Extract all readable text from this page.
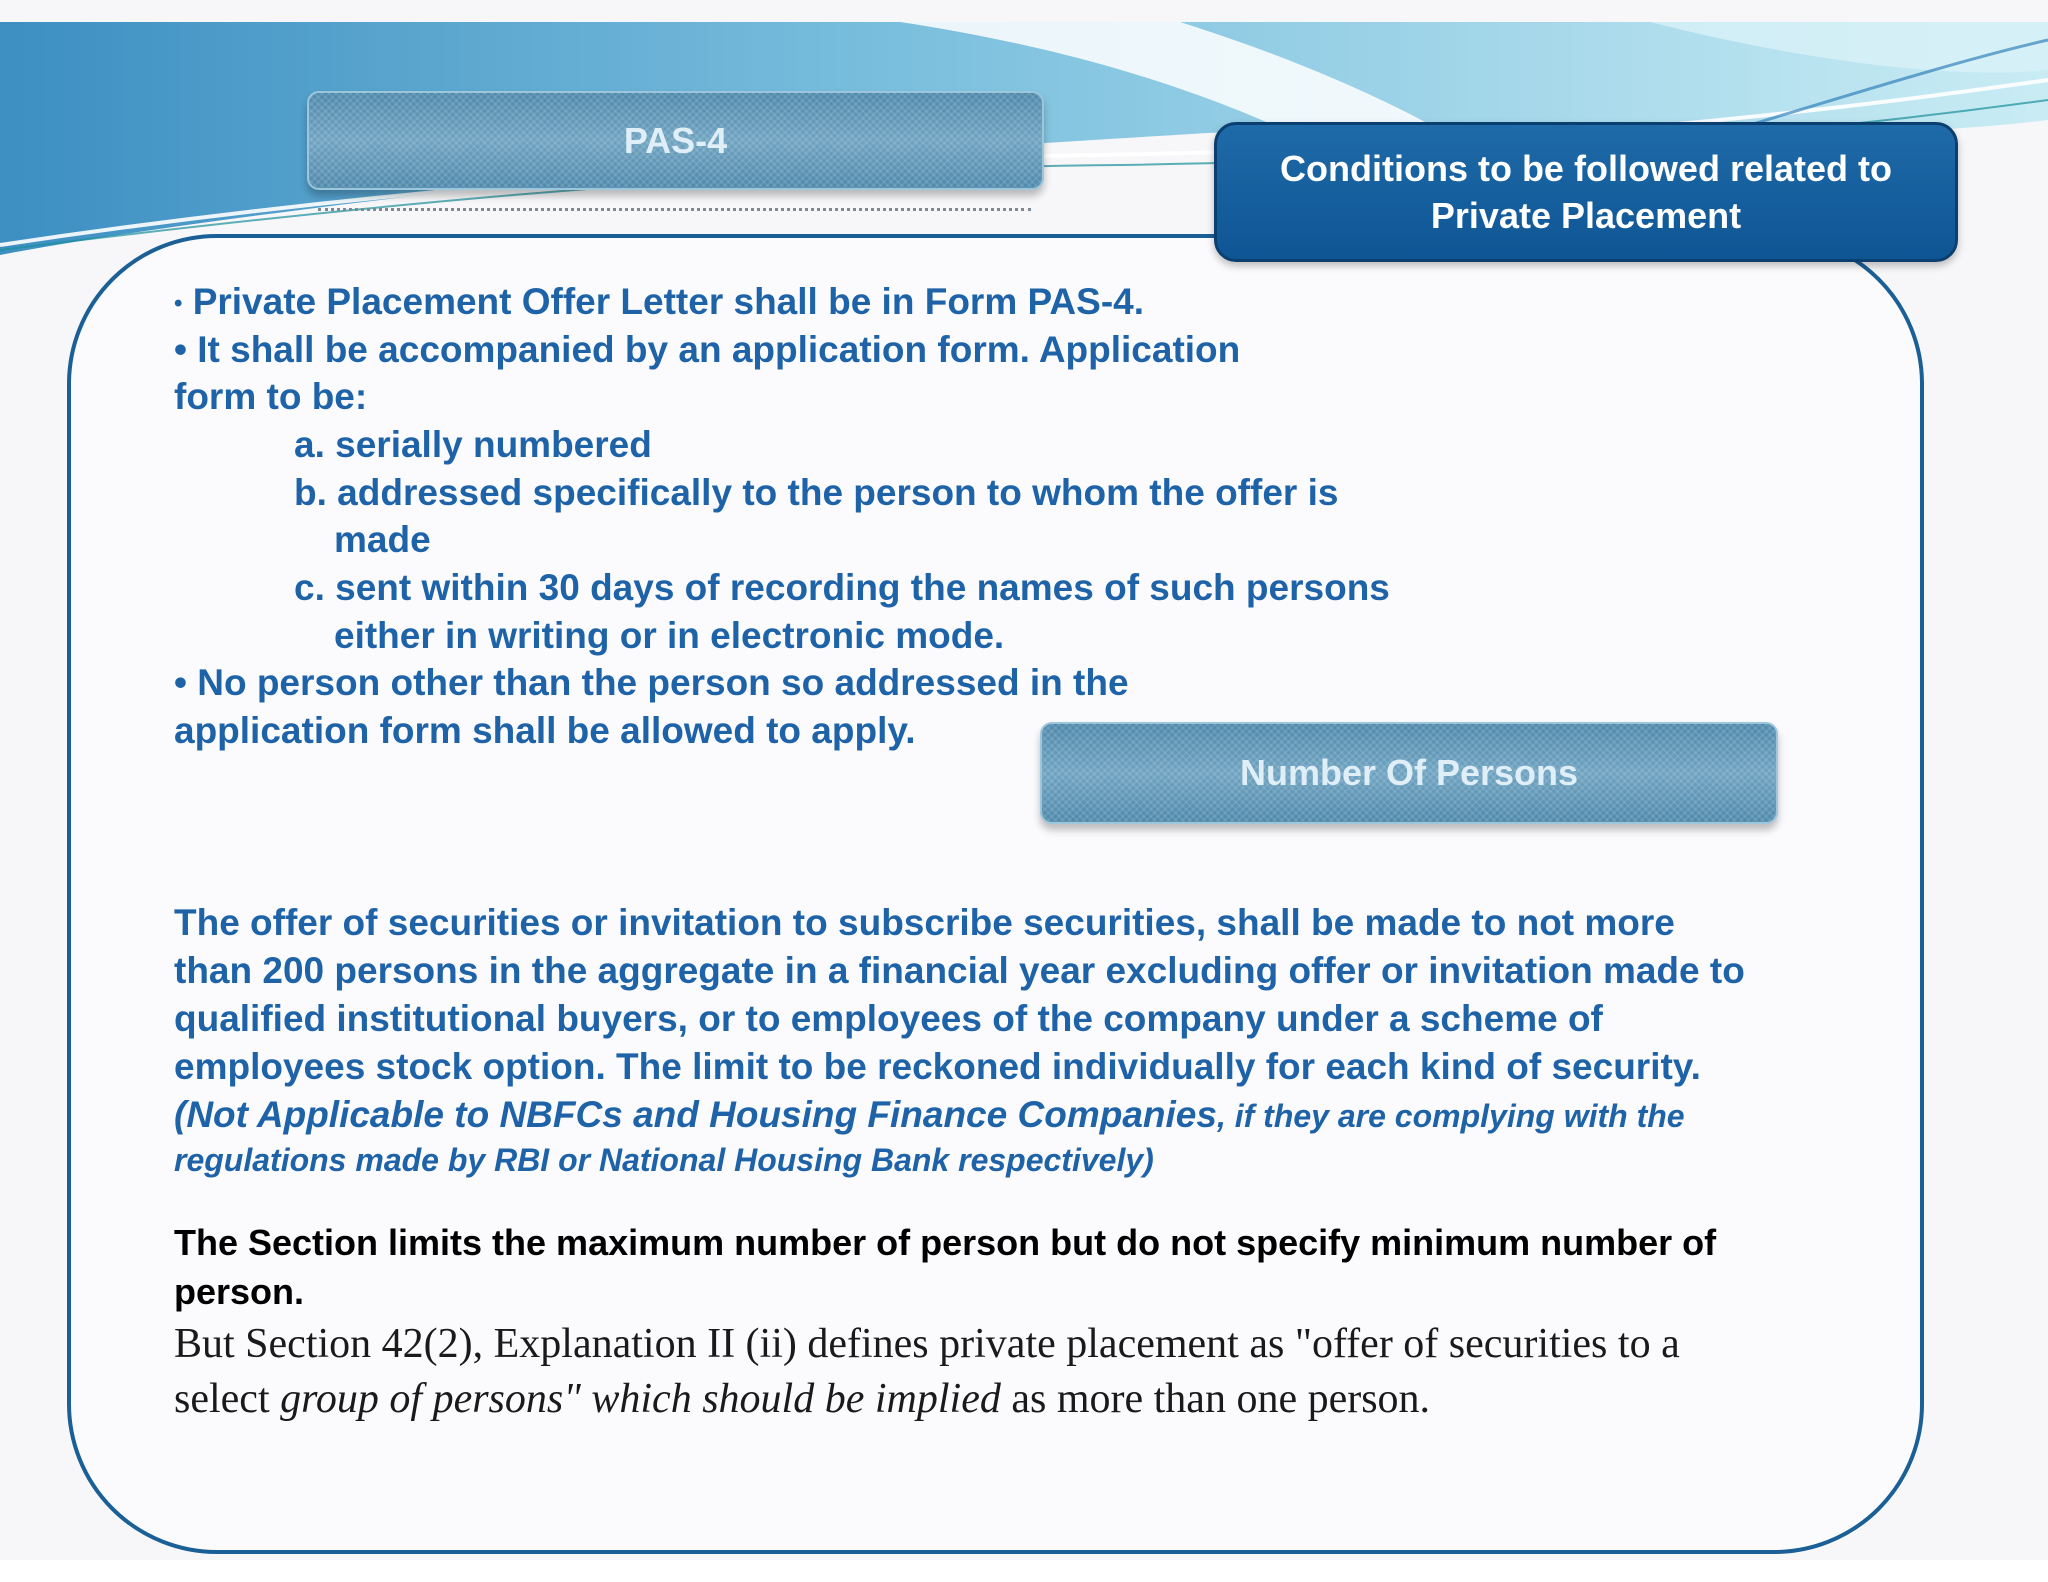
PAS-4
Conditions to be followed related to
Private Placement
• Private Placement Offer Letter shall be in Form PAS-4.
• It shall be accompanied by an application form. Application
form to be:
a. serially numbered
b. addressed specifically to the person to whom the offer is
made
c. sent within 30 days of recording the names of such persons
either in writing or in electronic mode.
• No person other than the person so addressed in the
application form shall be allowed to apply.
Number Of Persons
The offer of securities or invitation to subscribe securities, shall be made to not more
than 200 persons in the aggregate in a financial year excluding offer or invitation made to
qualified institutional buyers, or to employees of the company under a scheme of
employees stock option. The limit to be reckoned individually for each kind of security.
(Not Applicable to NBFCs and Housing Finance Companies, if they are complying with the
regulations made by RBI or National Housing Bank respectively)
The Section limits the maximum number of person but do not specify minimum number of
person.
But Section 42(2), Explanation II (ii) defines private placement as "offer of securities to a
select group of persons" which should be implied as more than one person.
